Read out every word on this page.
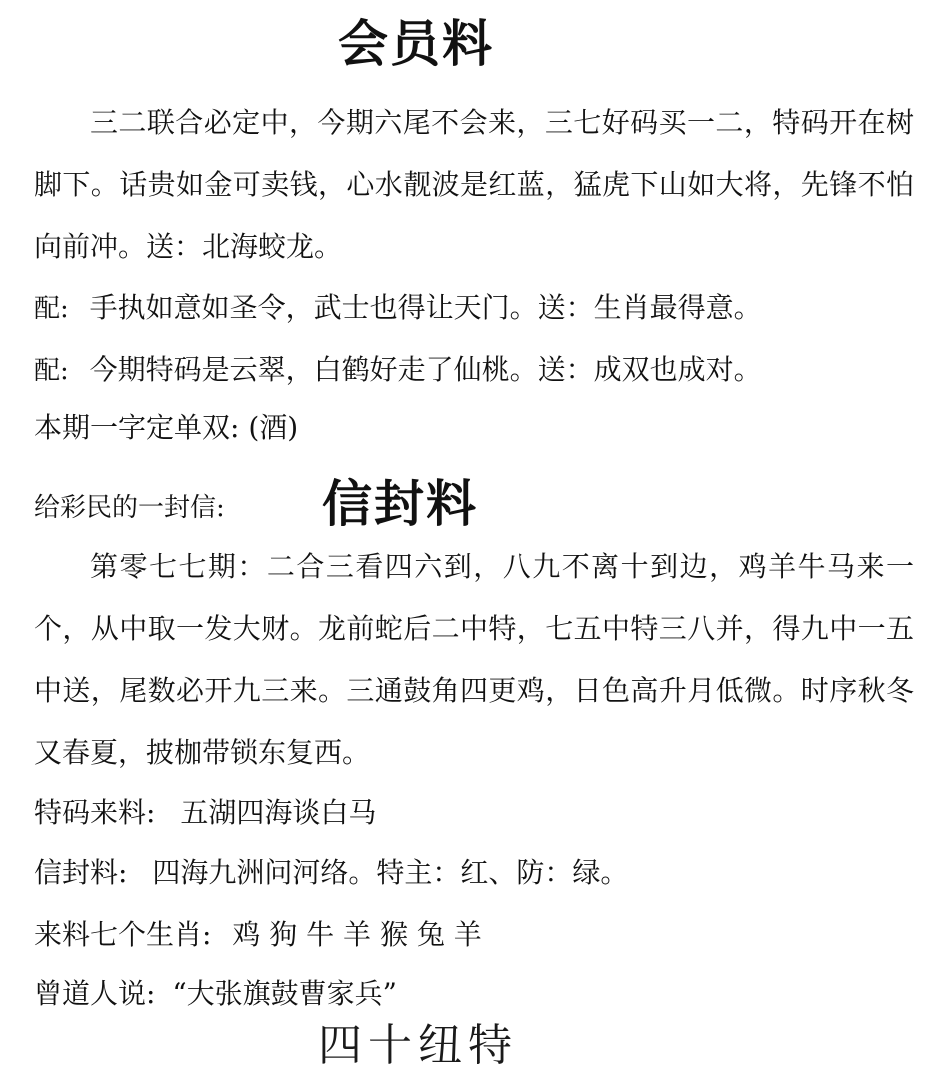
会员料

三二联合必定中，今期六尾不会来，三七好码买一二，特码开在树脚下。话贵如金可卖钱，心水靓波是红蓝，猛虎下山如大将，先锋不怕向前冲。送：北海蛟龙。

配: 手执如意如圣令，武士也得让天门。送：生肖最得意。
配: 今期特码是云翠，白鹤好走了仙桃。送：成双也成对。
本期一字定单双: (酒)
给彩民的一封信: 信封料

第零七七期：二合三看四六到，八九不离十到边，鸡羊牛马来一个，从中取一发大财。龙前蛇后二中特，七五中特三八并，得九中一五中送，尾数必开九三来。三通鼓角四更鸡，日色高升月低微。时序秋冬又春夏，披枷带锁东复西。

特码来料: 五湖四海谈白马
信封料: 四海九洲问河络。特主：红、防：绿。
来料七个生肖: 鸡 狗 牛 羊 猴 兔 羊
曾道人说: “大张旗鼓曹家兵”
四十纽特
